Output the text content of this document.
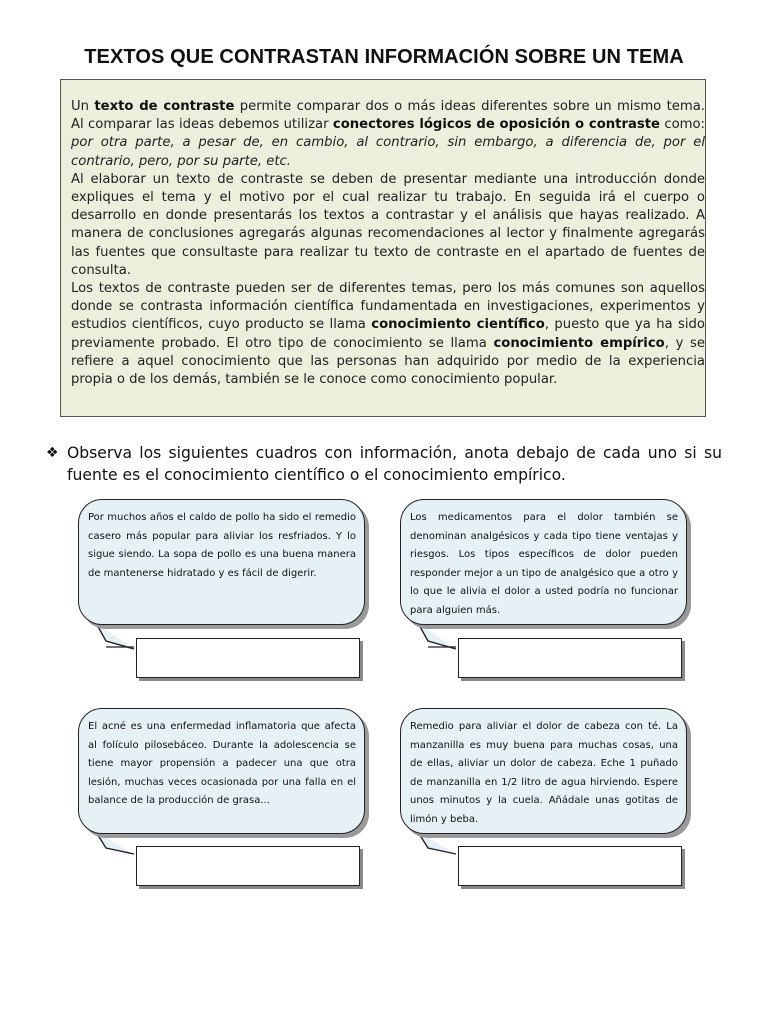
TEXTOS QUE CONTRASTAN INFORMACIÓN SOBRE UN TEMA

Un texto de contraste permite comparar dos o más ideas diferentes sobre un mismo tema. Al comparar las ideas debemos utilizar conectores lógicos de oposición o contraste como: por otra parte, a pesar de, en cambio, al contrario, sin embargo, a diferencia de, por el contrario, pero, por su parte, etc.

Al elaborar un texto de contraste se deben de presentar mediante una introducción donde expliques el tema y el motivo por el cual realizar tu trabajo. En seguida irá el cuerpo o desarrollo en donde presentarás los textos a contrastar y el análisis que hayas realizado. A manera de conclusiones agregarás algunas recomendaciones al lector y finalmente agregarás las fuentes que consultaste para realizar tu texto de contraste en el apartado de fuentes de consulta.

Los textos de contraste pueden ser de diferentes temas, pero los más comunes son aquellos donde se contrasta información científica fundamentada en investigaciones, experimentos y estudios científicos, cuyo producto se llama conocimiento científico, puesto que ya ha sido previamente probado. El otro tipo de conocimiento se llama conocimiento empírico, y se refiere a aquel conocimiento que las personas han adquirido por medio de la experiencia propia o de los demás, también se le conoce como conocimiento popular.

❖ Observa los siguientes cuadros con información, anota debajo de cada uno si su fuente es el conocimiento científico o el conocimiento empírico.

Por muchos años el caldo de pollo ha sido el remedio casero más popular para aliviar los resfriados. Y lo sigue siendo. La sopa de pollo es una buena manera de mantenerse hidratado y es fácil de digerir.

Los medicamentos para el dolor también se denominan analgésicos y cada tipo tiene ventajas y riesgos. Los tipos específicos de dolor pueden responder mejor a un tipo de analgésico que a otro y lo que le alivia el dolor a usted podría no funcionar para alguien más.

El acné es una enfermedad inflamatoria que afecta al folículo pilosebáceo. Durante la adolescencia se tiene mayor propensión a padecer una que otra lesión, muchas veces ocasionada por una falla en el balance de la producción de grasa...

Remedio para aliviar el dolor de cabeza con té. La manzanilla es muy buena para muchas cosas, una de ellas, aliviar un dolor de cabeza. Eche 1 puñado de manzanilla en 1/2 litro de agua hirviendo. Espere unos minutos y la cuela. Añádale unas gotitas de limón y beba.
